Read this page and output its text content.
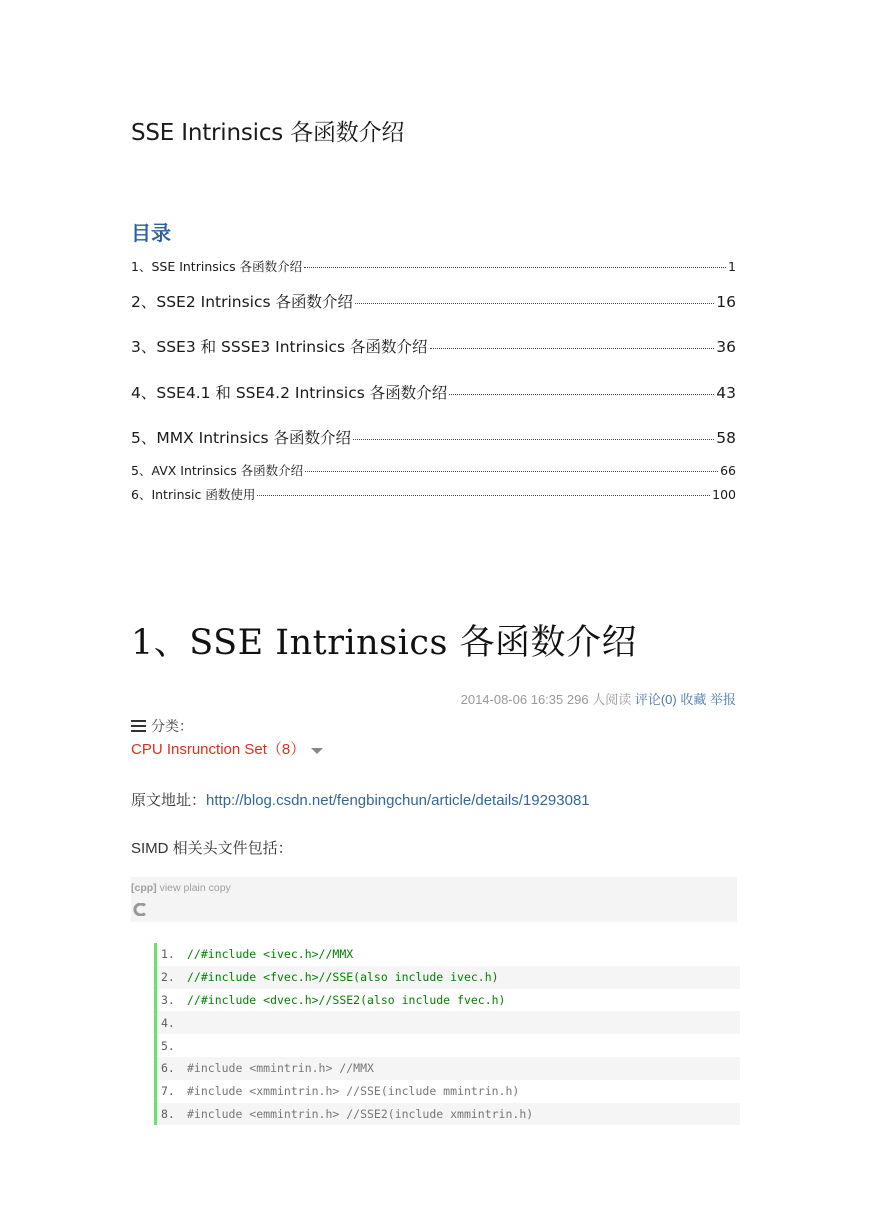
SSE Intrinsics 各函数介绍
目录
1、SSE Intrinsics 各函数介绍	1
2、SSE2 Intrinsics 各函数介绍	16
3、SSE3 和 SSSE3 Intrinsics 各函数介绍	36
4、SSE4.1 和 SSE4.2 Intrinsics 各函数介绍	43
5、MMX Intrinsics 各函数介绍	58
5、AVX Intrinsics 各函数介绍	66
6、Intrinsic 函数使用	100
1、SSE Intrinsics 各函数介绍
2014-08-06 16:35 296 人阅读 评论(0) 收藏 举报
分类：
CPU Insrunction Set（8）
原文地址：http://blog.csdn.net/fengbingchun/article/details/19293081
SIMD 相关头文件包括：
[cpp] view plain copy
1.	//#include <ivec.h>//MMX
2.	//#include <fvec.h>//SSE(also include ivec.h)
3.	//#include <dvec.h>//SSE2(also include fvec.h)
4.
5.
6.	#include <mmintrin.h> //MMX
7.	#include <xmmintrin.h> //SSE(include mmintrin.h)
8.	#include <emmintrin.h> //SSE2(include xmmintrin.h)
